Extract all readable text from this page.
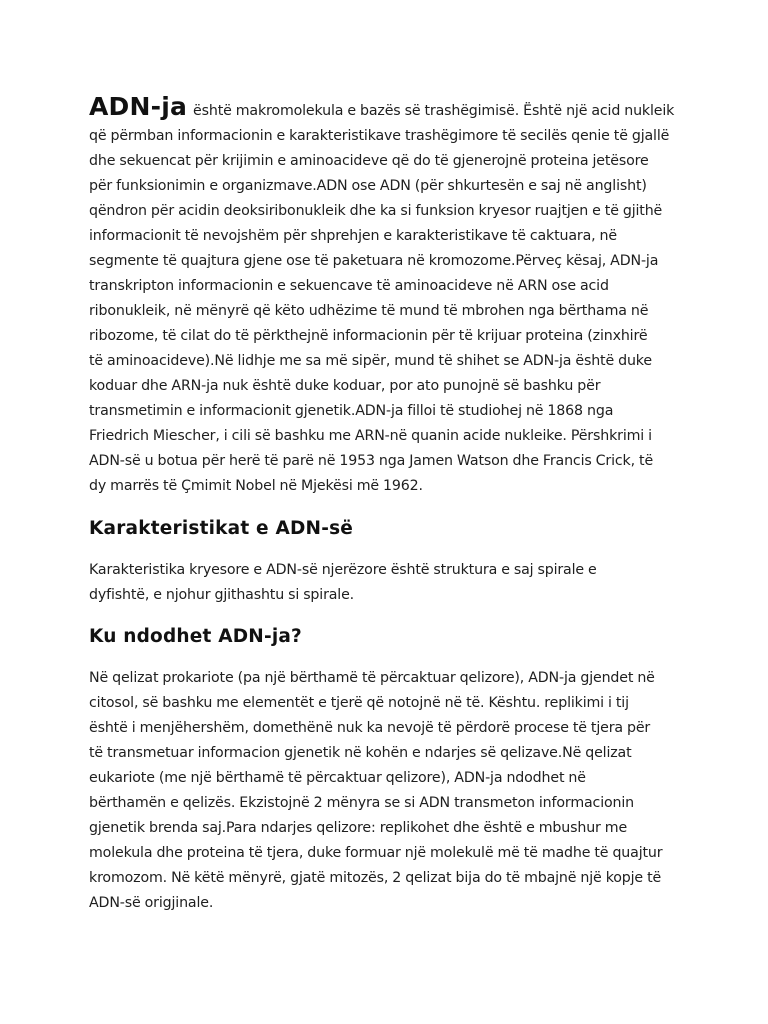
ADN-ja është makromolekula e bazës së trashëgimisë. Është një acid nukleik
që përmban informacionin e karakteristikave trashëgimore të secilës qenie të gjallë
dhe sekuencat për krijimin e aminoacideve që do të gjenerojnë proteina jetësore
për funksionimin e organizmave.ADN ose ADN (për shkurtesën e saj në anglisht)
qëndron për acidin deoksiribonukleik dhe ka si funksion kryesor ruajtjen e të gjithë
informacionit të nevojshëm për shprehjen e karakteristikave të caktuara, në
segmente të quajtura gjene ose të paketuara në kromozome.Përveç kësaj, ADN-ja
transkripton informacionin e sekuencave të aminoacideve në ARN ose acid
ribonukleik, në mënyrë që këto udhëzime të mund të mbrohen nga bërthama në
ribozome, të cilat do të përkthejnë informacionin për të krijuar proteina (zinxhirë
të aminoacideve).Në lidhje me sa më sipër, mund të shihet se ADN-ja është duke
koduar dhe ARN-ja nuk është duke koduar, por ato punojnë së bashku për
transmetimin e informacionit gjenetik.ADN-ja filloi të studiohej në 1868 nga
Friedrich Miescher, i cili së bashku me ARN-në quanin acide nukleike. Përshkrimi i
ADN-së u botua për herë të parë në 1953 nga Jamen Watson dhe Francis Crick, të
dy marrës të Çmimit Nobel në Mjekësi më 1962.

Karakteristikat e ADN-së

Karakteristika kryesore e ADN-së njerëzore është struktura e saj spirale e
dyfishtë, e njohur gjithashtu si spirale.

Ku ndodhet ADN-ja?

Në qelizat prokariote (pa një bërthamë të përcaktuar qelizore), ADN-ja gjendet në
citosol, së bashku me elementët e tjerë që notojnë në të. Kështu. replikimi i tij
është i menjëhershëm, domethënë nuk ka nevojë të përdorë procese të tjera për
të transmetuar informacion gjenetik në kohën e ndarjes së qelizave.Në qelizat
eukariote (me një bërthamë të përcaktuar qelizore), ADN-ja ndodhet në
bërthamën e qelizës. Ekzistojnë 2 mënyra se si ADN transmeton informacionin
gjenetik brenda saj.Para ndarjes qelizore: replikohet dhe është e mbushur me
molekula dhe proteina të tjera, duke formuar një molekulë më të madhe të quajtur
kromozom. Në këtë mënyrë, gjatë mitozës, 2 qelizat bija do të mbajnë një kopje të
ADN-së origjinale.
